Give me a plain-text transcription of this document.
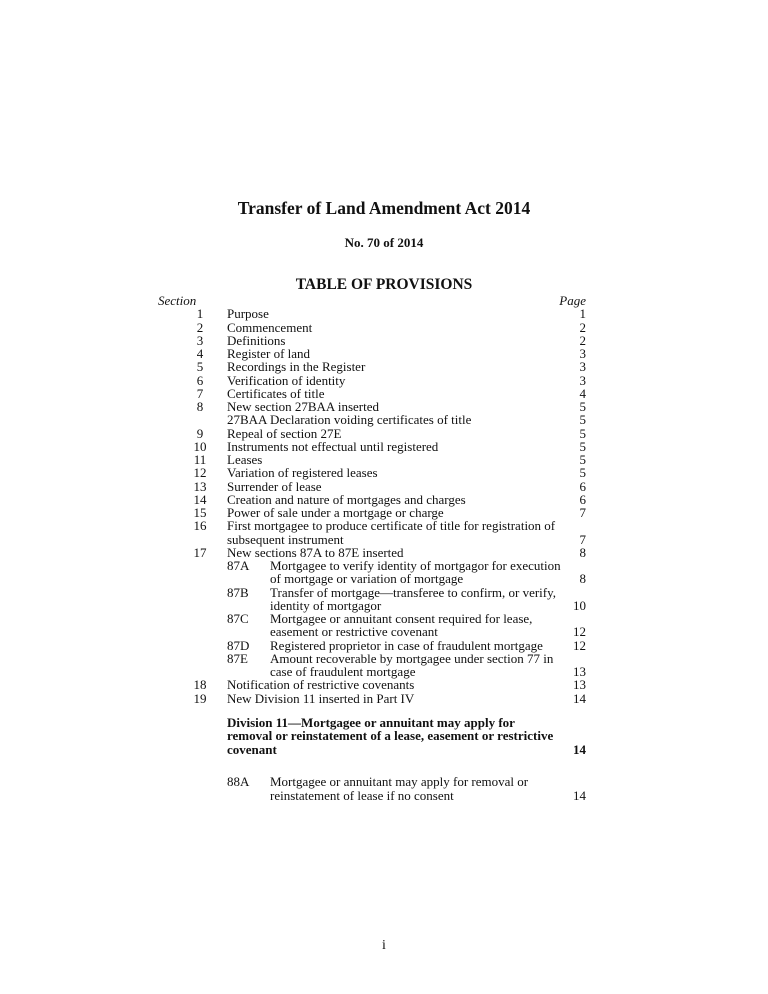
Transfer of Land Amendment Act 2014
No. 70 of 2014
TABLE OF PROVISIONS
Section	Page
1	Purpose	1
2	Commencement	2
3	Definitions	2
4	Register of land	3
5	Recordings in the Register	3
6	Verification of identity	3
7	Certificates of title	4
8	New section 27BAA inserted	5
27BAA Declaration voiding certificates of title	5
9	Repeal of section 27E	5
10	Instruments not effectual until registered	5
11	Leases	5
12	Variation of registered leases	5
13	Surrender of lease	6
14	Creation and nature of mortgages and charges	6
15	Power of sale under a mortgage or charge	7
16	First mortgagee to produce certificate of title for registration of
subsequent instrument	7
17	New sections 87A to 87E inserted	8
87A Mortgagee to verify identity of mortgagor for execution
of mortgage or variation of mortgage	8
87B Transfer of mortgage—transferee to confirm, or verify,
identity of mortgagor	10
87C Mortgagee or annuitant consent required for lease,
easement or restrictive covenant	12
87D Registered proprietor in case of fraudulent mortgage	12
87E Amount recoverable by mortgagee under section 77 in
case of fraudulent mortgage	13
18	Notification of restrictive covenants	13
19	New Division 11 inserted in Part IV	14
Division 11—Mortgagee or annuitant may apply for
removal or reinstatement of a lease, easement or restrictive
covenant	14
88A Mortgagee or annuitant may apply for removal or
reinstatement of lease if no consent	14
i
